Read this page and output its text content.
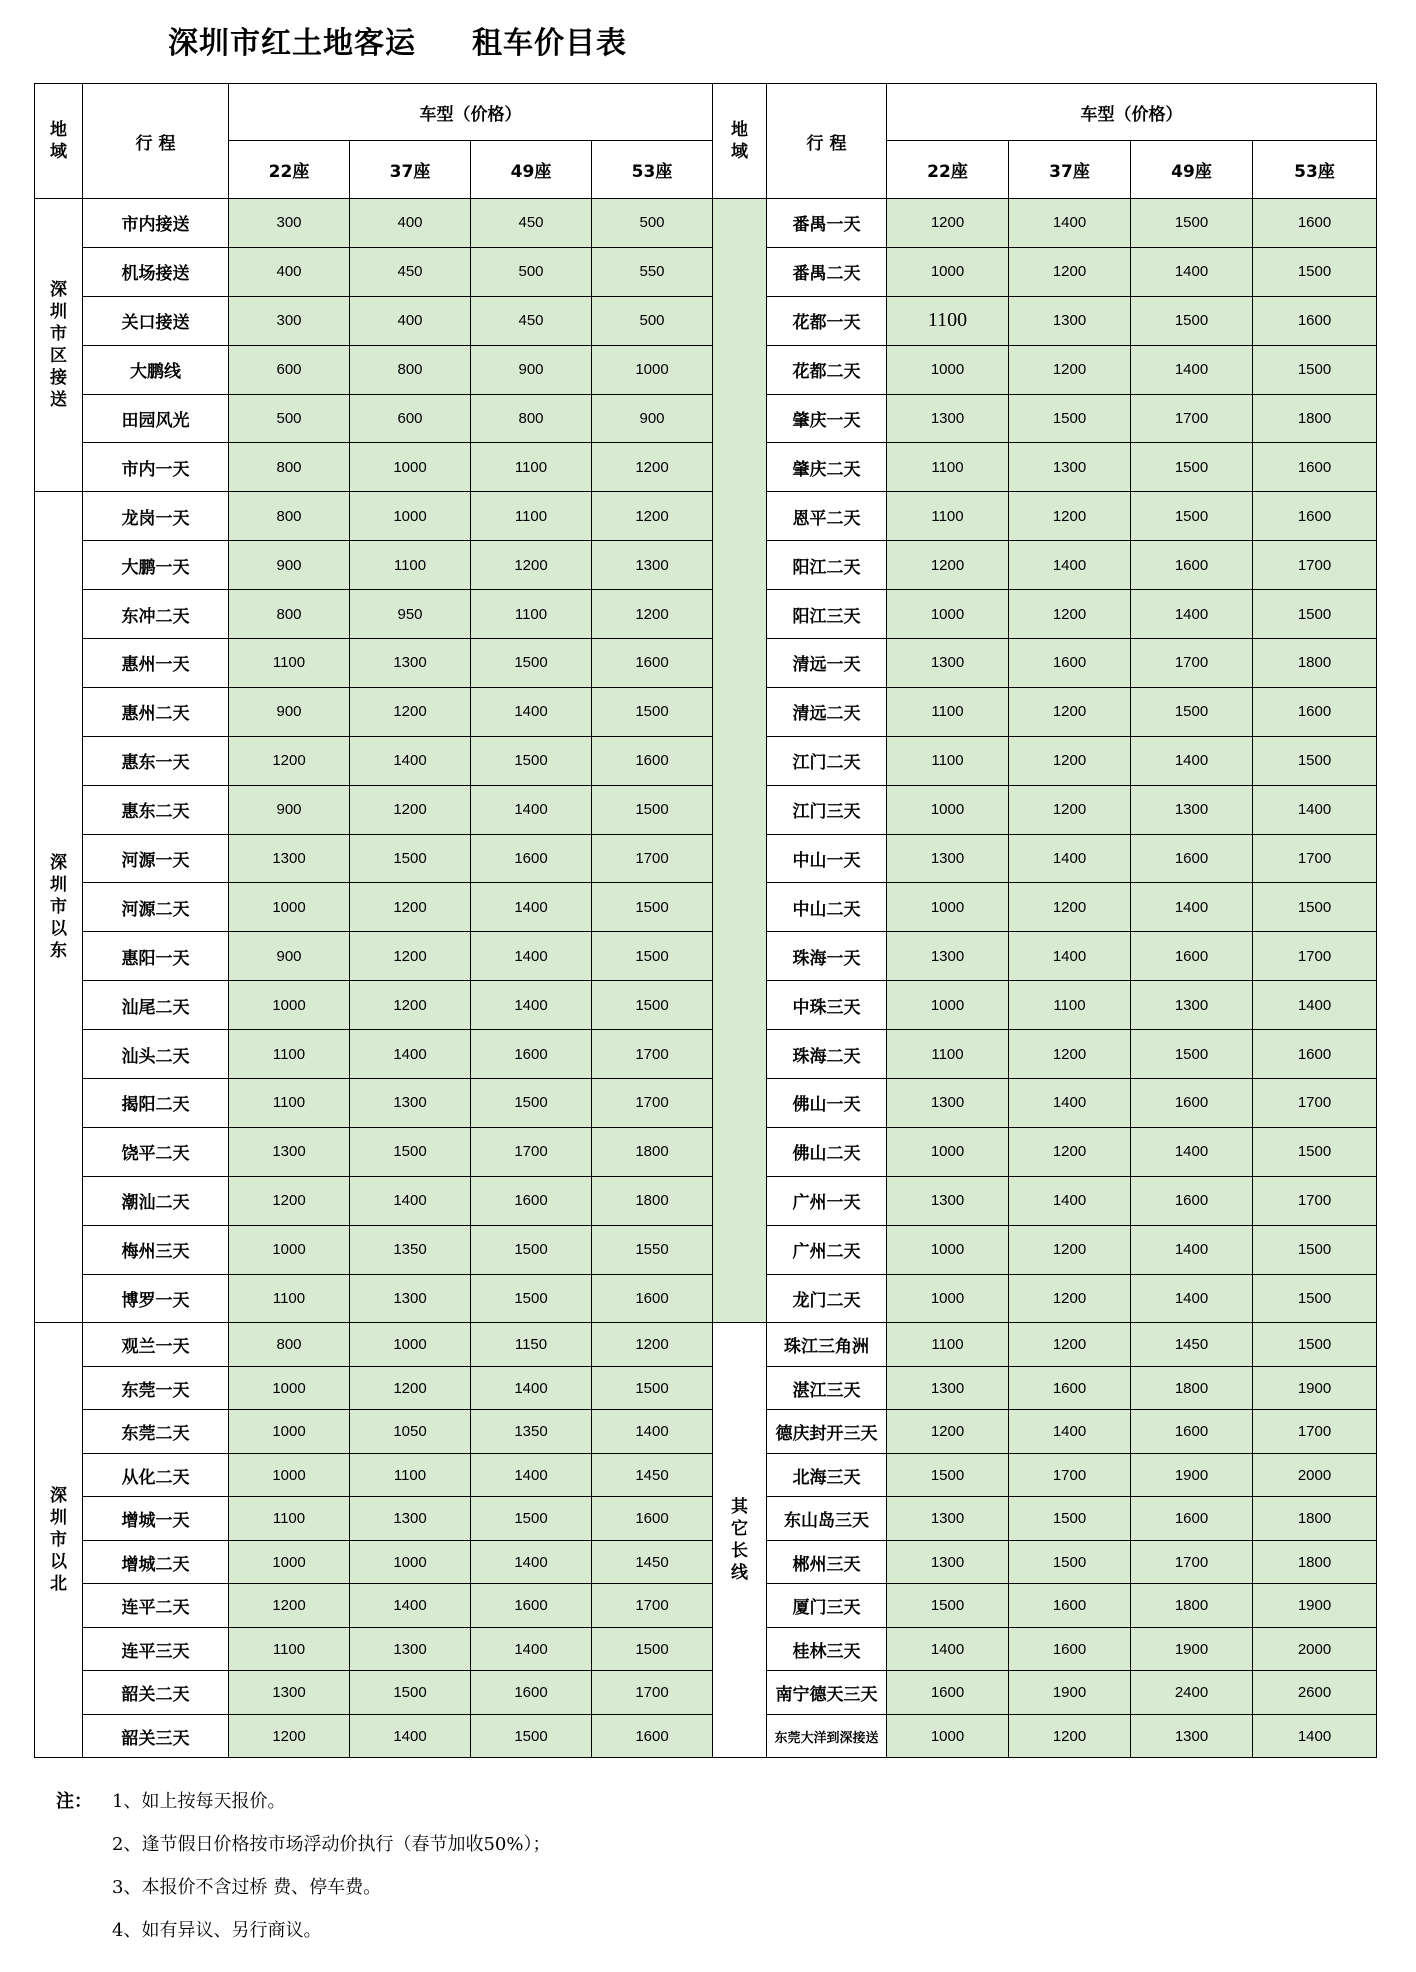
深圳市红土地客运 租车价目表
地域	行 程	车型（价格）				地域	行 程	车型（价格）			
		22座	37座	49座	53座			22座	37座	49座	53座
深圳市区接送	市内接送	300	400	450	500		番禺一天	1200	1400	1500	1600
	机场接送	400	450	500	550		番禺二天	1000	1200	1400	1500
	关口接送	300	400	450	500		花都一天	1100	1300	1500	1600
	大鹏线	600	800	900	1000		花都二天	1000	1200	1400	1500
	田园风光	500	600	800	900		肇庆一天	1300	1500	1700	1800
	市内一天	800	1000	1100	1200		肇庆二天	1100	1300	1500	1600
深圳市以东	龙岗一天	800	1000	1100	1200		恩平二天	1100	1200	1500	1600
	大鹏一天	900	1100	1200	1300		阳江二天	1200	1400	1600	1700
	东冲二天	800	950	1100	1200		阳江三天	1000	1200	1400	1500
	惠州一天	1100	1300	1500	1600		清远一天	1300	1600	1700	1800
	惠州二天	900	1200	1400	1500		清远二天	1100	1200	1500	1600
	惠东一天	1200	1400	1500	1600		江门二天	1100	1200	1400	1500
	惠东二天	900	1200	1400	1500		江门三天	1000	1200	1300	1400
	河源一天	1300	1500	1600	1700		中山一天	1300	1400	1600	1700
	河源二天	1000	1200	1400	1500		中山二天	1000	1200	1400	1500
	惠阳一天	900	1200	1400	1500		珠海一天	1300	1400	1600	1700
	汕尾二天	1000	1200	1400	1500		中珠三天	1000	1100	1300	1400
	汕头二天	1100	1400	1600	1700		珠海二天	1100	1200	1500	1600
	揭阳二天	1100	1300	1500	1700		佛山一天	1300	1400	1600	1700
	饶平二天	1300	1500	1700	1800		佛山二天	1000	1200	1400	1500
	潮汕二天	1200	1400	1600	1800		广州一天	1300	1400	1600	1700
	梅州三天	1000	1350	1500	1550		广州二天	1000	1200	1400	1500
	博罗一天	1100	1300	1500	1600		龙门二天	1000	1200	1400	1500
深圳市以北	观兰一天	800	1000	1150	1200	其它长线	珠江三角洲	1100	1200	1450	1500
	东莞一天	1000	1200	1400	1500		湛江三天	1300	1600	1800	1900
	东莞二天	1000	1050	1350	1400		德庆封开三天	1200	1400	1600	1700
	从化二天	1000	1100	1400	1450		北海三天	1500	1700	1900	2000
	增城一天	1100	1300	1500	1600		东山岛三天	1300	1500	1600	1800
	增城二天	1000	1000	1400	1450		郴州三天	1300	1500	1700	1800
	连平二天	1200	1400	1600	1700		厦门三天	1500	1600	1800	1900
	连平三天	1100	1300	1400	1500		桂林三天	1400	1600	1900	2000
	韶关二天	1300	1500	1600	1700		南宁德天三天	1600	1900	2400	2600
	韶关三天	1200	1400	1500	1600		东莞大洋到深接送	1000	1200	1300	1400
注： 1、如上按每天报价。
2、逢节假日价格按市场浮动价执行（春节加收50%）；
3、本报价不含过桥 费、停车费。
4、如有异议、另行商议。
